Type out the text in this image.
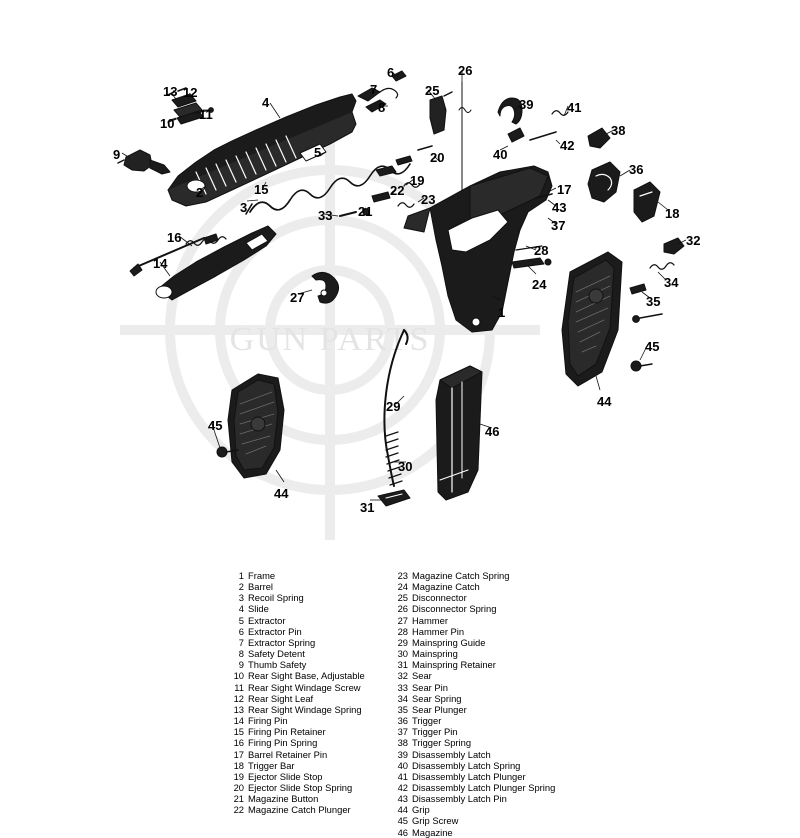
GUN PARTS
1
2
3
4
5
6
7
8
9
10
11
12
13
14
15
16
17
18
19
20
21
22
23
24
25
26
27
28
29
30
31
32
33
34
35
36
37
38
39
40
41
42
43
44
44
45
45
46
1 Frame
2 Barrel
3 Recoil Spring
4 Slide
5 Extractor
6 Extractor Pin
7 Extractor Spring
8 Safety Detent
9 Thumb Safety
10 Rear Sight Base, Adjustable
11 Rear Sight Windage Screw
12 Rear Sight Leaf
13 Rear Sight Windage Spring
14 Firing Pin
15 Firing Pin Retainer
16 Firing Pin Spring
17 Barrel Retainer Pin
18 Trigger Bar
19 Ejector Slide Stop
20 Ejector Slide Stop Spring
21 Magazine Button
22 Magazine Catch Plunger
23 Magazine Catch Spring
24 Magazine Catch
25 Disconnector
26 Disconnector Spring
27 Hammer
28 Hammer Pin
29 Mainspring Guide
30 Mainspring
31 Mainspring Retainer
32 Sear
33 Sear Pin
34 Sear Spring
35 Sear Plunger
36 Trigger
37 Trigger Pin
38 Trigger Spring
39 Disassembly Latch
40 Disassembly Latch Spring
41 Disassembly Latch Plunger
42 Disassembly Latch Plunger Spring
43 Disassembly Latch Pin
44 Grip
45 Grip Screw
46 Magazine
